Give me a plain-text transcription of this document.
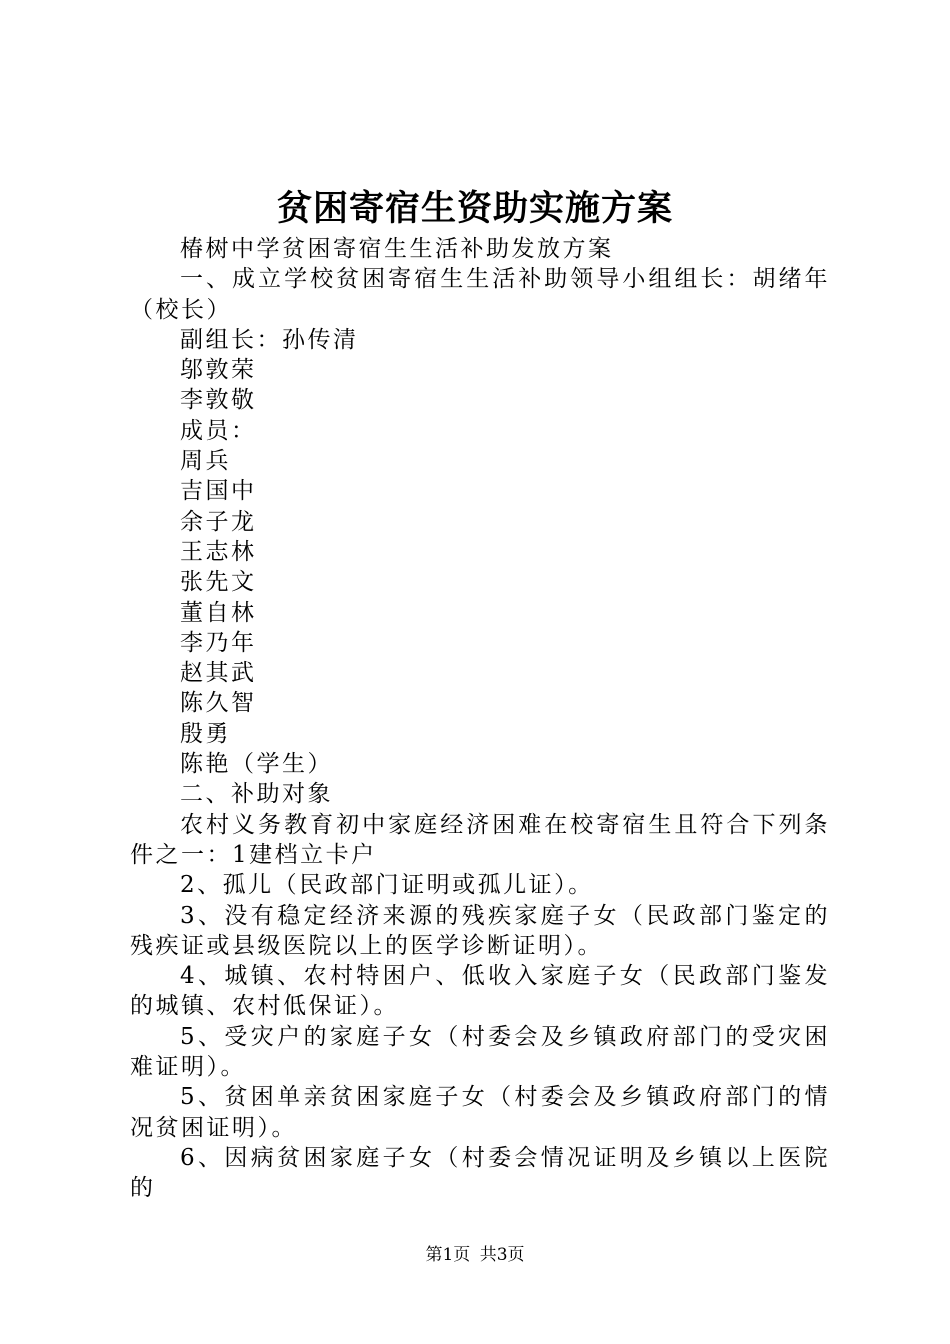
贫困寄宿生资助实施方案

椿树中学贫困寄宿生生活补助发放方案

一、成立学校贫困寄宿生生活补助领导小组组长：胡绪年（校长）

副组长：孙传清

邬敦荣

李敦敬

成员：

周兵

吉国中

余子龙

王志林

张先文

董自林

李乃年

赵其武

陈久智

殷勇

陈艳（学生）

二、补助对象

农村义务教育初中家庭经济困难在校寄宿生且符合下列条件之一：1建档立卡户

2、孤儿（民政部门证明或孤儿证）。

3、没有稳定经济来源的残疾家庭子女（民政部门鉴定的残疾证或县级医院以上的医学诊断证明）。

4、城镇、农村特困户、低收入家庭子女（民政部门鉴发的城镇、农村低保证）。

5、受灾户的家庭子女（村委会及乡镇政府部门的受灾困难证明）。

5、贫困单亲贫困家庭子女（村委会及乡镇政府部门的情况贫困证明）。

6、因病贫困家庭子女（村委会情况证明及乡镇以上医院的

第1页 共3页
